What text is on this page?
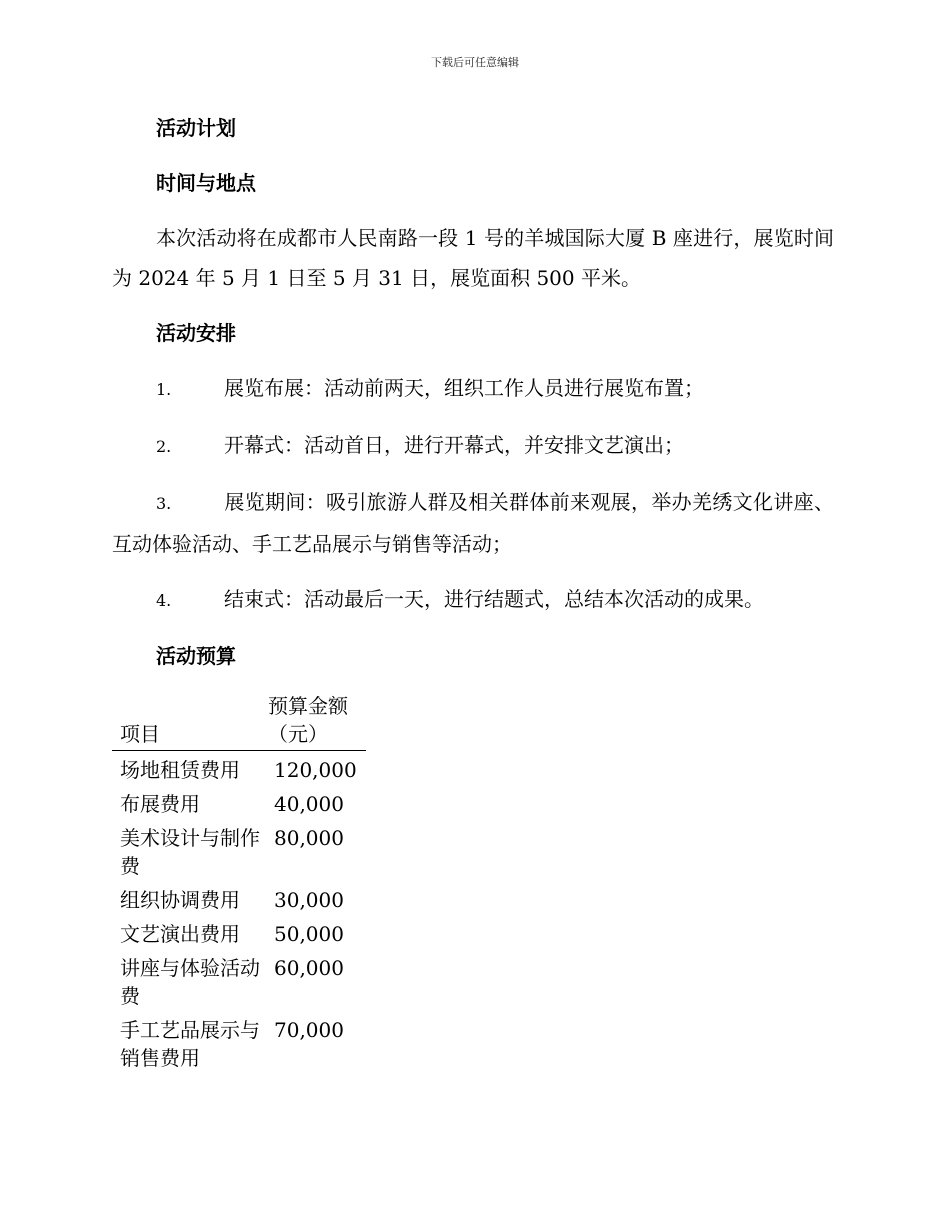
下载后可任意编辑
活动计划
时间与地点

本次活动将在成都市人民南路一段 1 号的羊城国际大厦 B 座进行，展览时间为 2024 年 5 月 1 日至 5 月 31 日，展览面积 500 平米。

活动安排
1.	展览布展：活动前两天，组织工作人员进行展览布置；
2.	开幕式：活动首日，进行开幕式，并安排文艺演出；
3.	展览期间：吸引旅游人群及相关群体前来观展，举办羌绣文化讲座、互动体验活动、手工艺品展示与销售等活动；
4.	结束式：活动最后一天，进行结题式，总结本次活动的成果。
活动预算
项目	预算金额（元）
场地租赁费用	120,000
布展费用	40,000
美术设计与制作费	80,000
组织协调费用	30,000
文艺演出费用	50,000
讲座与体验活动费	60,000
手工艺品展示与销售费用	70,000
